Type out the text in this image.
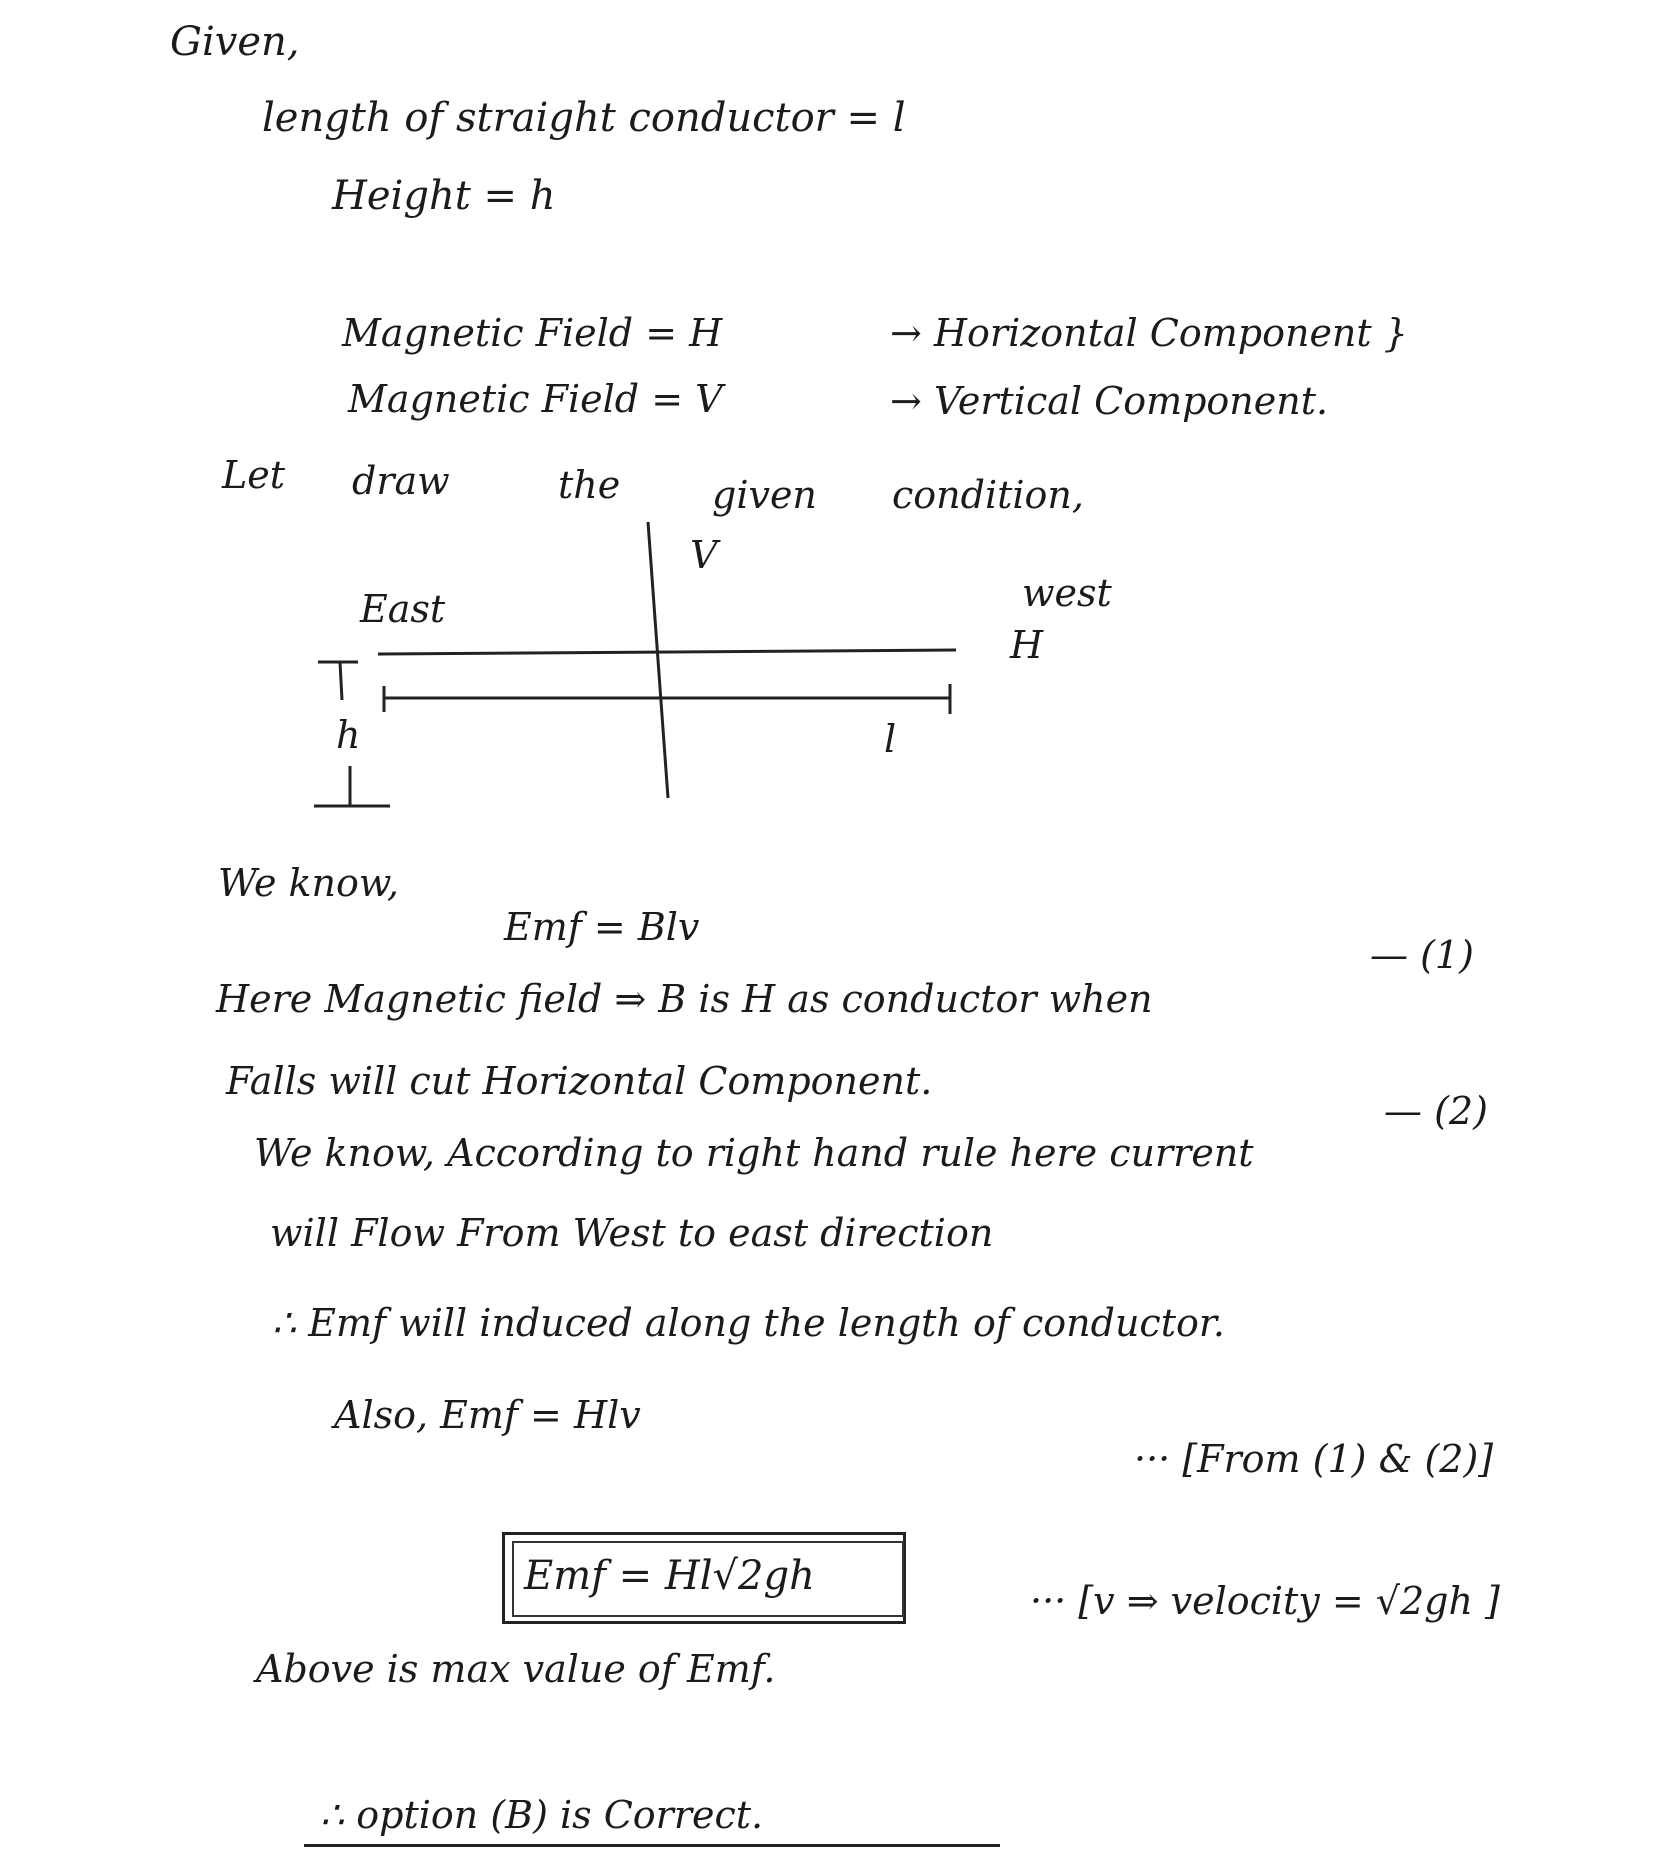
Given,
length of straight conductor = l
Height = h
Magnetic Field = H	→ Horizontal Component }
Magnetic Field = V	→ Vertical Component.
Let draw	the given condition,
V
East	west
H
h	l
We know,
Emf = Blv
— (1)
Here Magnetic field ⇒ B is H as conductor when
Falls will cut Horizontal Component.
— (2)
We know, According to right hand rule here current
will Flow From West to east direction
∴ Emf will induced along the length of conductor.
Also, Emf = Hlv
··· [From (1) & (2)]
Emf = Hl√2gh
··· [v ⇒ velocity = √2gh ]
Above is max value of Emf.
∴ option (B) is Correct.
